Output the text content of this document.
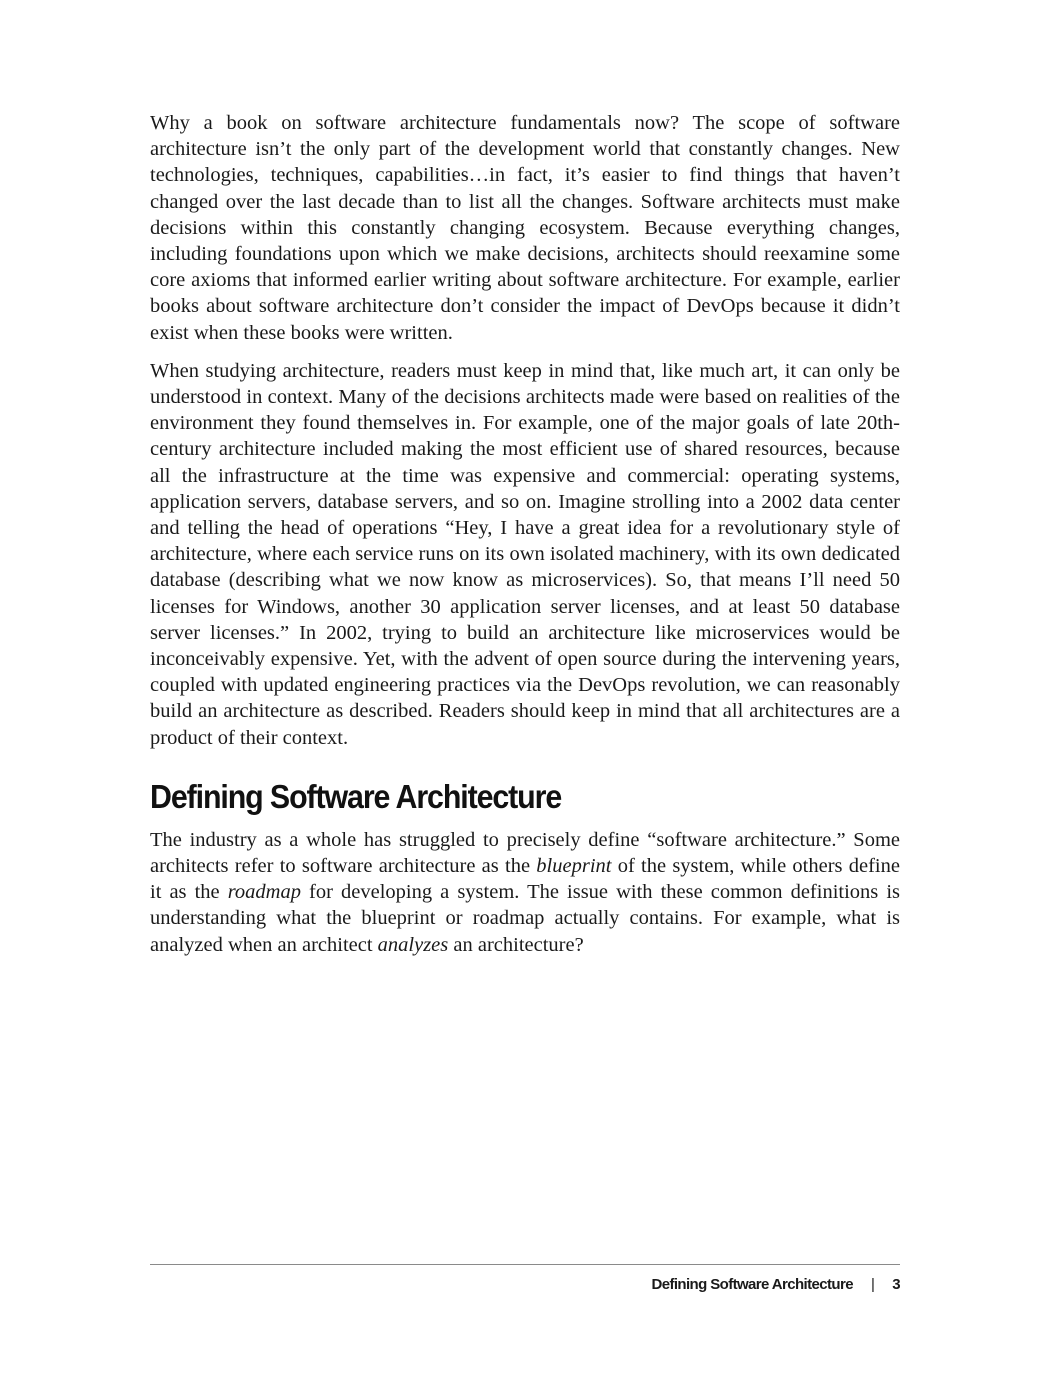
Why a book on software architecture fundamentals now? The scope of software architecture isn’t the only part of the development world that constantly changes. New technologies, techniques, capabilities…in fact, it’s easier to find things that haven’t changed over the last decade than to list all the changes. Software architects must make decisions within this constantly changing ecosystem. Because everything changes, including foundations upon which we make decisions, architects should reexamine some core axioms that informed earlier writing about software architecture. For example, earlier books about software architecture don’t consider the impact of DevOps because it didn’t exist when these books were written.

When studying architecture, readers must keep in mind that, like much art, it can only be understood in context. Many of the decisions architects made were based on realities of the environment they found themselves in. For example, one of the major goals of late 20th-century architecture included making the most efficient use of shared resources, because all the infrastructure at the time was expensive and commercial: operating systems, application servers, database servers, and so on. Imagine strolling into a 2002 data center and telling the head of operations “Hey, I have a great idea for a revolutionary style of architecture, where each service runs on its own isolated machinery, with its own dedicated database (describing what we now know as microservices). So, that means I’ll need 50 licenses for Windows, another 30 application server licenses, and at least 50 database server licenses.” In 2002, trying to build an architecture like microservices would be inconceivably expensive. Yet, with the advent of open source during the intervening years, coupled with updated engineering practices via the DevOps revolution, we can reasonably build an architecture as described. Readers should keep in mind that all architectures are a product of their context.

Defining Software Architecture

The industry as a whole has struggled to precisely define “software architecture.” Some architects refer to software architecture as the blueprint of the system, while others define it as the roadmap for developing a system. The issue with these common definitions is understanding what the blueprint or roadmap actually contains. For example, what is analyzed when an architect analyzes an architecture?

Defining Software Architecture | 3
